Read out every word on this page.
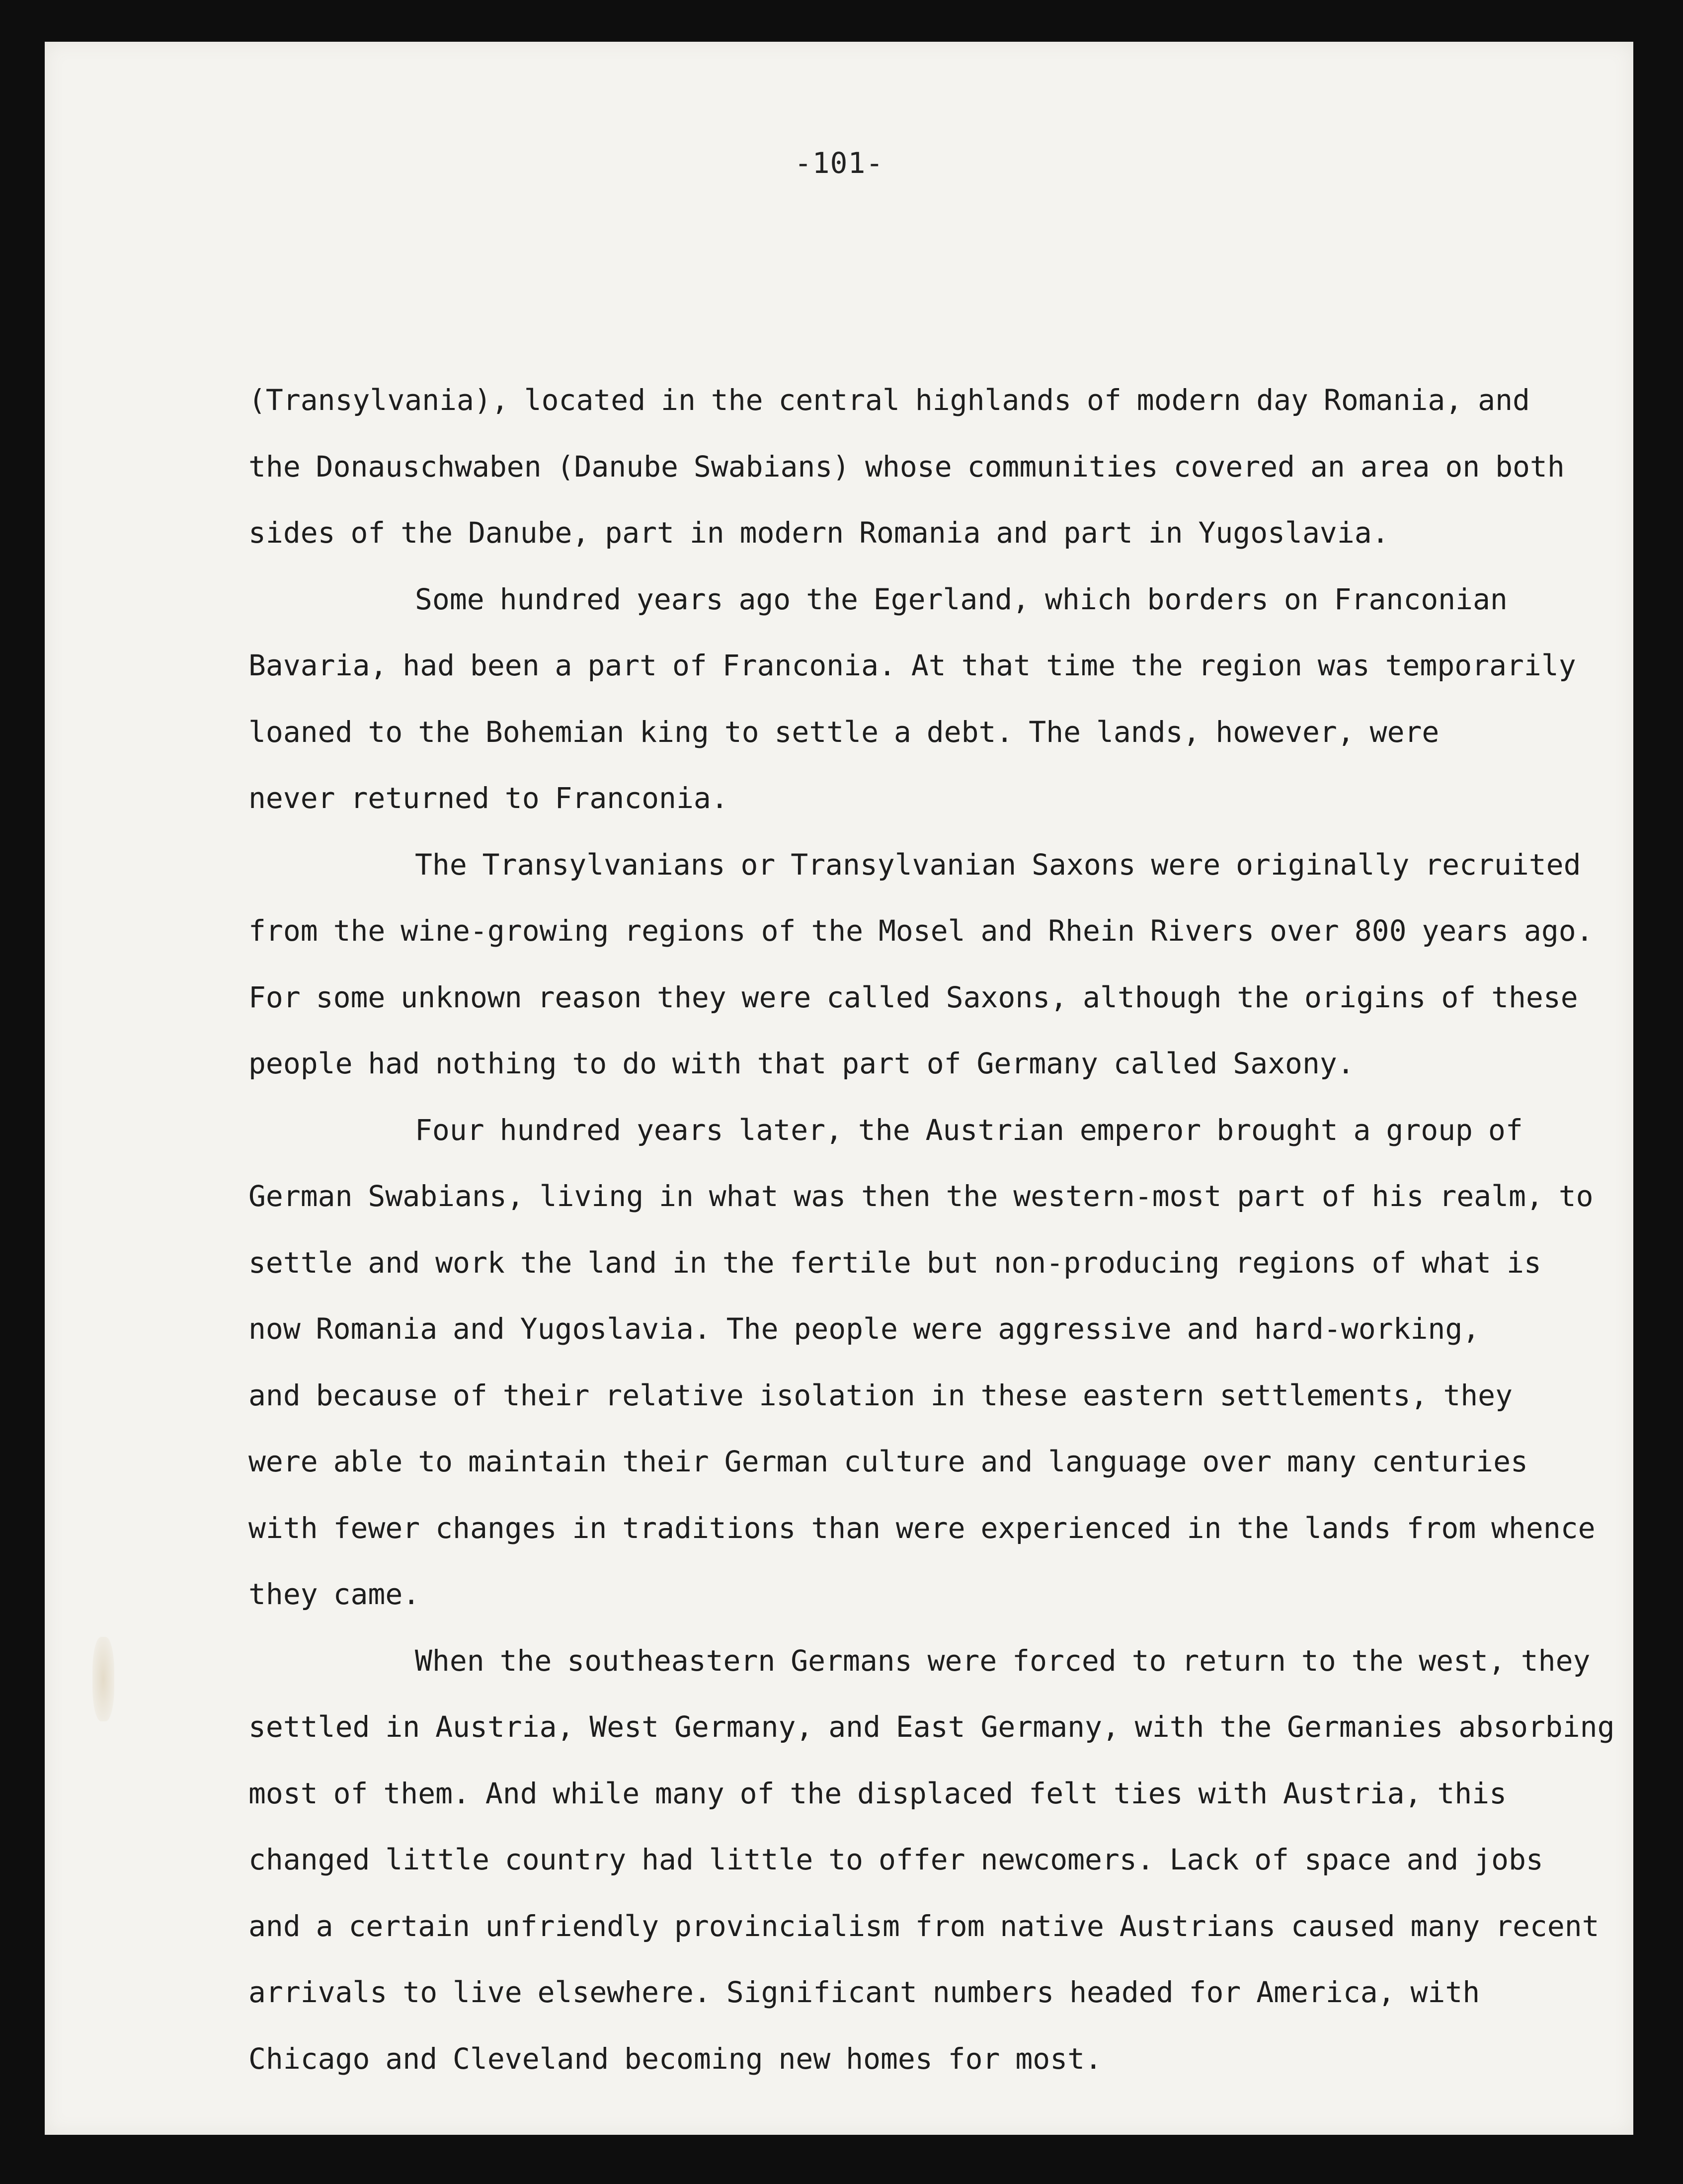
-101-
(Transylvania), located in the central highlands of modern day Romania, and
the Donauschwaben (Danube Swabians) whose communities covered an area on both
sides of the Danube, part in modern Romania and part in Yugoslavia.
Some hundred years ago the Egerland, which borders on Franconian
Bavaria, had been a part of Franconia. At that time the region was temporarily
loaned to the Bohemian king to settle a debt. The lands, however, were
never returned to Franconia.
The Transylvanians or Transylvanian Saxons were originally recruited
from the wine-growing regions of the Mosel and Rhein Rivers over 800 years ago.
For some unknown reason they were called Saxons, although the origins of these
people had nothing to do with that part of Germany called Saxony.
Four hundred years later, the Austrian emperor brought a group of
German Swabians, living in what was then the western-most part of his realm, to
settle and work the land in the fertile but non-producing regions of what is
now Romania and Yugoslavia. The people were aggressive and hard-working,
and because of their relative isolation in these eastern settlements, they
were able to maintain their German culture and language over many centuries
with fewer changes in traditions than were experienced in the lands from whence
they came.
When the southeastern Germans were forced to return to the west, they
settled in Austria, West Germany, and East Germany, with the Germanies absorbing
most of them. And while many of the displaced felt ties with Austria, this
changed little country had little to offer newcomers. Lack of space and jobs
and a certain unfriendly provincialism from native Austrians caused many recent
arrivals to live elsewhere. Significant numbers headed for America, with
Chicago and Cleveland becoming new homes for most.
